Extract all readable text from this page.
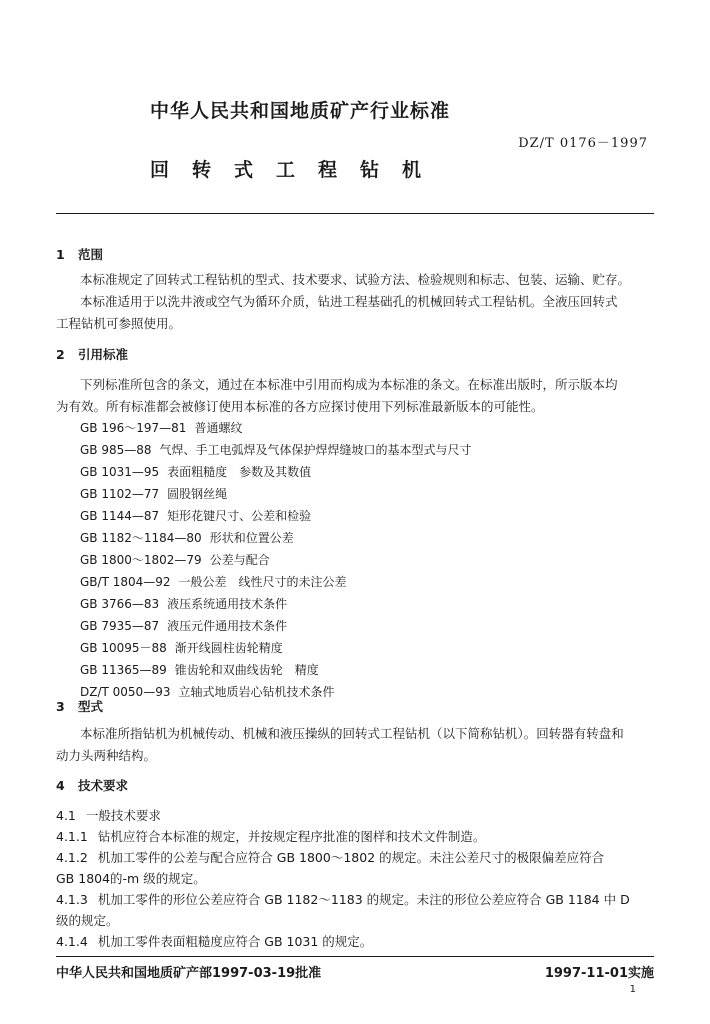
中华人民共和国地质矿产行业标准
DZ/T 0176－1997
回转式工程钻机
1 范围
本标准规定了回转式工程钻机的型式、技术要求、试验方法、检验规则和标志、包装、运输、贮存。
本标准适用于以洗井液或空气为循环介质，钻进工程基础孔的机械回转式工程钻机。全液压回转式
工程钻机可参照使用。
2 引用标准
下列标准所包含的条文，通过在本标准中引用而构成为本标准的条文。在标准出版时，所示版本均
为有效。所有标准都会被修订使用本标准的各方应探讨使用下列标准最新版本的可能性。
GB 196～197—81 普通螺纹
GB 985—88 气焊、手工电弧焊及气体保护焊焊缝坡口的基本型式与尺寸
GB 1031—95 表面粗糙度　参数及其数值
GB 1102—77 圆股钢丝绳
GB 1144—87 矩形花键尺寸、公差和检验
GB 1182～1184—80 形状和位置公差
GB 1800～1802—79 公差与配合
GB/T 1804—92 一般公差　线性尺寸的未注公差
GB 3766—83 液压系统通用技术条件
GB 7935—87 液压元件通用技术条件
GB 10095－88 渐开线圆柱齿轮精度
GB 11365—89 锥齿轮和双曲线齿轮　精度
DZ/T 0050—93 立轴式地质岩心钻机技术条件
3 型式
本标准所指钻机为机械传动、机械和液压操纵的回转式工程钻机（以下简称钻机）。回转器有转盘和
动力头两种结构。
4 技术要求
4.1 一般技术要求
4.1.1 钻机应符合本标准的规定，并按规定程序批准的图样和技术文件制造。
4.1.2 机加工零件的公差与配合应符合 GB 1800～1802 的规定。未注公差尺寸的极限偏差应符合
GB 1804的-m 级的规定。
4.1.3 机加工零件的形位公差应符合 GB 1182～1183 的规定。未注的形位公差应符合 GB 1184 中 D
级的规定。
4.1.4 机加工零件表面粗糙度应符合 GB 1031 的规定。
中华人民共和国地质矿产部1997-03-19批准	1997-11-01实施
1
